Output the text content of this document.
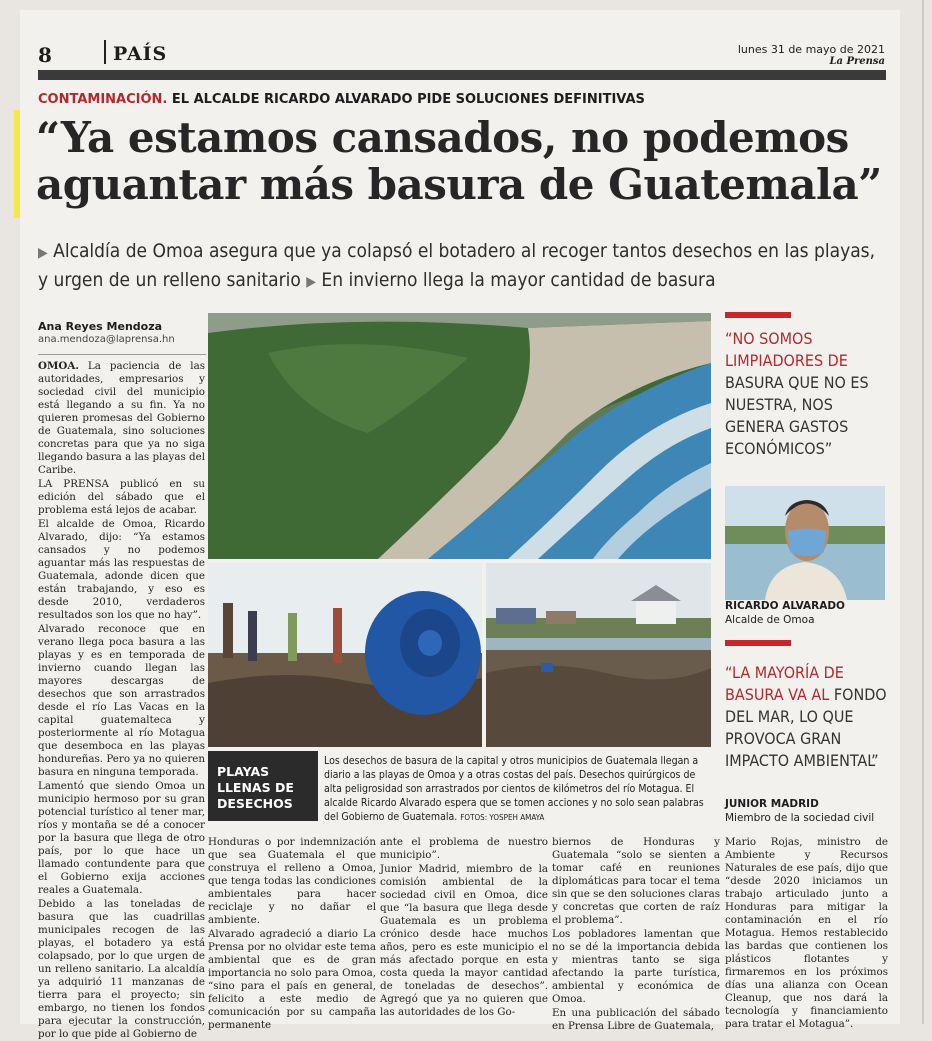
8	PAÍS	lunes 31 de mayo de 2021
La Prensa
CONTAMINACIÓN. EL ALCALDE RICARDO ALVARADO PIDE SOLUCIONES DEFINITIVAS
“Ya estamos cansados, no podemos aguantar más basura de Guatemala”
▶ Alcaldía de Omoa asegura que ya colapsó el botadero al recoger tantos desechos en las playas, y urgen de un relleno sanitario ▶ En invierno llega la mayor cantidad de basura
Ana Reyes Mendoza
ana.mendoza@laprensa.hn

OMOA. La paciencia de las autoridades, empresarios y sociedad civil del municipio está llegando a su fin. Ya no quieren promesas del Gobierno de Guatemala, sino soluciones concretas para que ya no siga llegando basura a las playas del Caribe.

LA PRENSA publicó en su edición del sábado que el problema está lejos de acabar.

El alcalde de Omoa, Ricardo Alvarado, dijo: “Ya estamos cansados y no podemos aguantar más las respuestas de Guatemala, adonde dicen que están trabajando, y eso es desde 2010, verdaderos resultados son los que no hay”.

Alvarado reconoce que en verano llega poca basura a las playas y es en temporada de invierno cuando llegan las mayores descargas de desechos que son arrastrados desde el río Las Vacas en la capital guatemalteca y posteriormente al río Motagua que desemboca en las playas hondureñas. Pero ya no quieren basura en ninguna temporada.

Lamentó que siendo Omoa un municipio hermoso por su gran potencial turístico al tener mar, ríos y montaña se dé a conocer por la basura que llega de otro país, por lo que hace un llamado contundente para que el Gobierno exija acciones reales a Guatemala.

Debido a las toneladas de basura que las cuadrillas municipales recogen de las playas, el botadero ya está colapsado, por lo que urgen de un relleno sanitario. La alcaldía ya adquirió 11 manzanas de tierra para el proyecto; sin embargo, no tienen los fondos para ejecutar la construcción, por lo que pide al Gobierno de

PLAYAS LLENAS DE DESECHOS
Los desechos de basura de la capital y otros municipios de Guatemala llegan a diario a las playas de Omoa y a otras costas del país. Desechos quirúrgicos de alta peligrosidad son arrastrados por cientos de kilómetros del río Motagua. El alcalde Ricardo Alvarado espera que se tomen acciones y no solo sean palabras del Gobierno de Guatemala. FOTOS: YOSPEH AMAYA
“NO SOMOS LIMPIADORES DE BASURA QUE NO ES NUESTRA, NOS GENERA GASTOS ECONÓMICOS”
RICARDO ALVARADO
Alcalde de Omoa
“LA MAYORÍA DE BASURA VA AL FONDO DEL MAR, LO QUE PROVOCA GRAN IMPACTO AMBIENTAL”
JUNIOR MADRID
Miembro de la sociedad civil

Honduras o por indemnización que sea Guatemala el que construya el relleno a Omoa, que tenga todas las condiciones ambientales para hacer reciclaje y no dañar el ambiente.

Alvarado agradeció a diario La Prensa por no olvidar este tema ambiental que es de gran importancia no solo para Omoa, “sino para el país en general, felicito a este medio de comunicación por su campaña permanente

ante el problema de nuestro municipio”.

Junior Madrid, miembro de la comisión ambiental de la sociedad civil en Omoa, dice que “la basura que llega desde Guatemala es un problema crónico desde hace muchos años, pero es este municipio el más afectado porque en esta costa queda la mayor cantidad de toneladas de desechos”. Agregó que ya no quieren que las autoridades de los Go-

biernos de Honduras y Guatemala “solo se sienten a tomar café en reuniones diplomáticas para tocar el tema sin que se den soluciones claras y concretas que corten de raíz el problema”.

Los pobladores lamentan que no se dé la importancia debida y mientras tanto se siga afectando la parte turística, ambiental y económica de Omoa.

En una publicación del sábado en Prensa Libre de Guatemala,

Mario Rojas, ministro de Ambiente y Recursos Naturales de ese país, dijo que “desde 2020 iniciamos un trabajo articulado junto a Honduras para mitigar la contaminación en el río Motagua. Hemos restablecido las bardas que contienen los plásticos flotantes y firmaremos en los próximos días una alianza con Ocean Cleanup, que nos dará la tecnología y financiamiento para tratar el Motagua”.
